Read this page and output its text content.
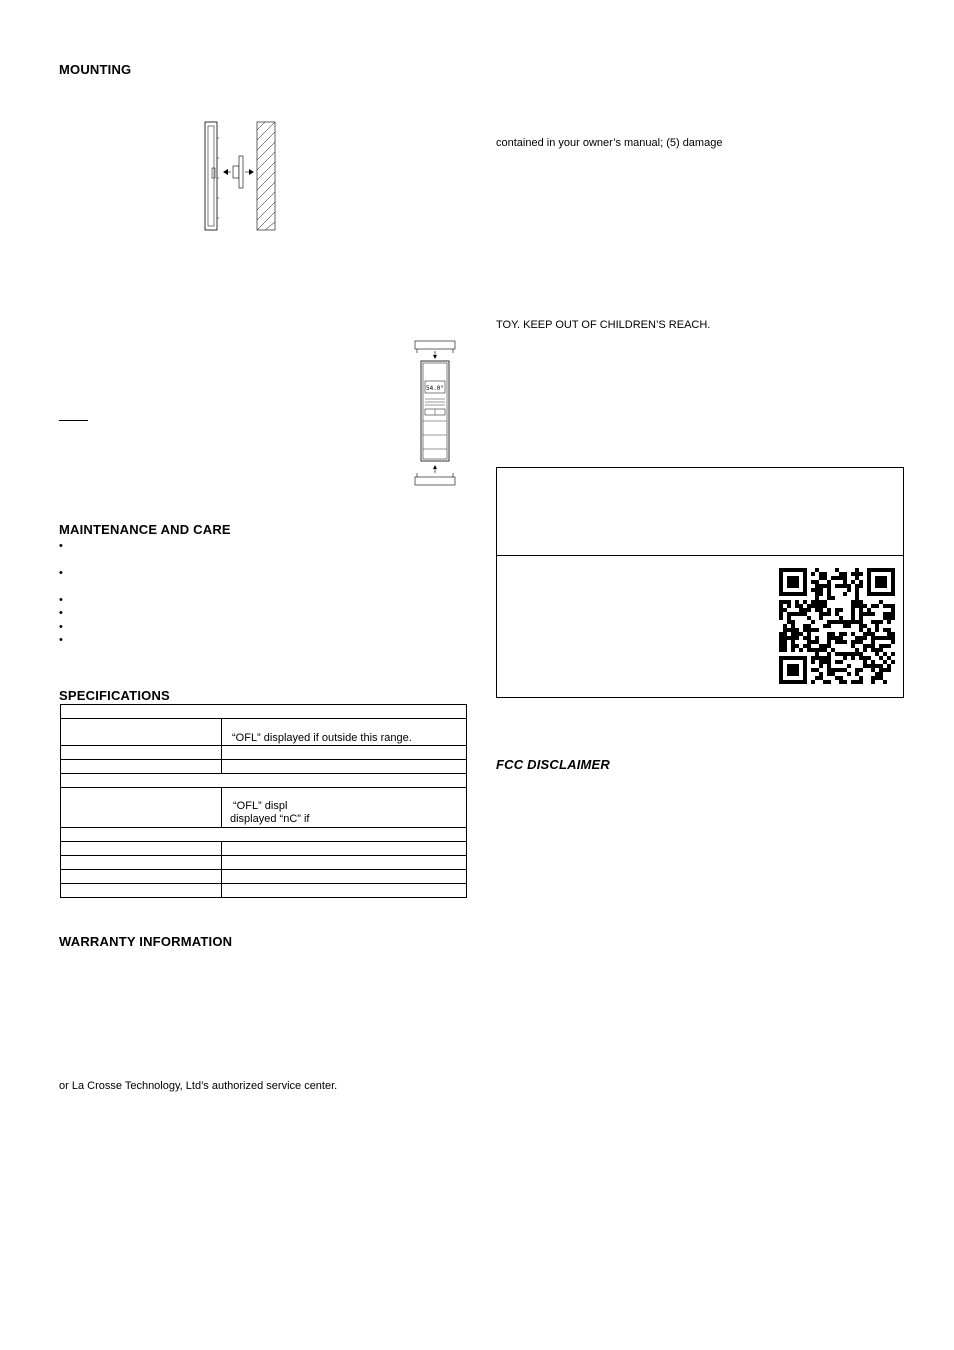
MOUNTING
54.0°
MAINTENANCE AND CARE
•
•
•
•
•
•
SPECIFICATIONS

	“OFL” displayed if outside this range.

	“OFL” displ
displayed “nC” if

WARRANTY INFORMATION
or La Crosse Technology, Ltd’s authorized service center.
contained in your owner’s manual; (5) damage
TOY. KEEP OUT OF CHILDREN’S REACH.
FCC DISCLAIMER
